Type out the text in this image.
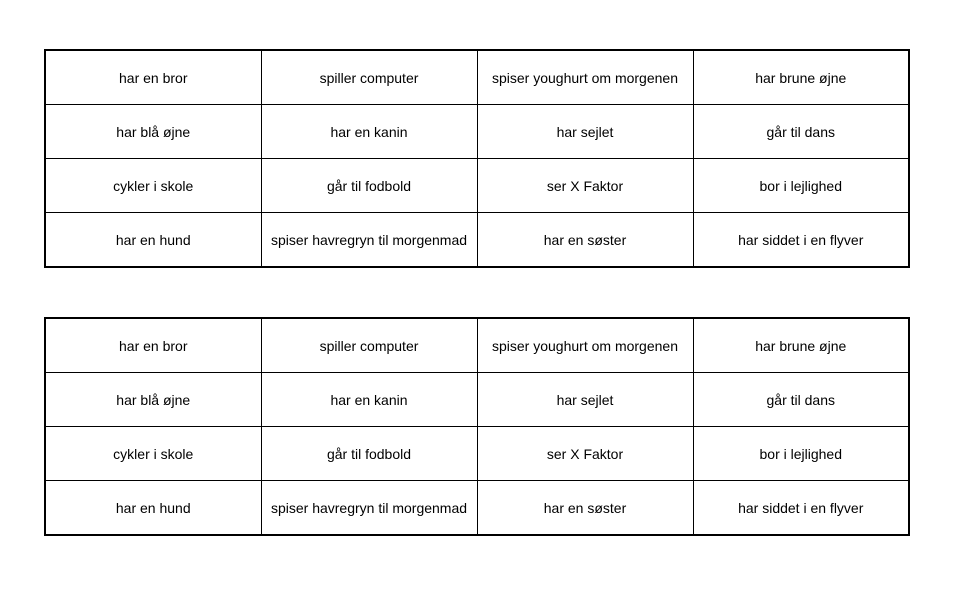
har en bror	spiller computer	spiser youghurt om morgenen	har brune øjne
har blå øjne	har en kanin	har sejlet	går til dans
cykler i skole	går til fodbold	ser X Faktor	bor i lejlighed
har en hund	spiser havregryn til morgenmad	har en søster	har siddet i en flyver
har en bror	spiller computer	spiser youghurt om morgenen	har brune øjne
har blå øjne	har en kanin	har sejlet	går til dans
cykler i skole	går til fodbold	ser X Faktor	bor i lejlighed
har en hund	spiser havregryn til morgenmad	har en søster	har siddet i en flyver
